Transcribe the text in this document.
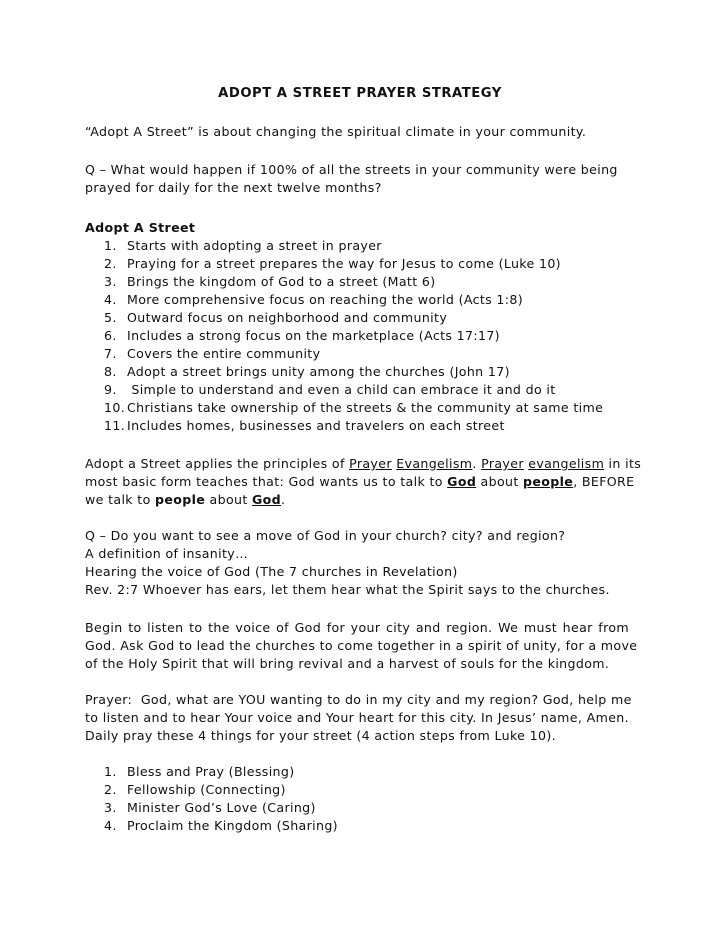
ADOPT A STREET PRAYER STRATEGY
“Adopt A Street” is about changing the spiritual climate in your community.
Q – What would happen if 100% of all the streets in your community were being
prayed for daily for the next twelve months?
Adopt A Street
1. Starts with adopting a street in prayer
2. Praying for a street prepares the way for Jesus to come (Luke 10)
3. Brings the kingdom of God to a street (Matt 6)
4. More comprehensive focus on reaching the world (Acts 1:8)
5. Outward focus on neighborhood and community
6. Includes a strong focus on the marketplace (Acts 17:17)
7. Covers the entire community
8. Adopt a street brings unity among the churches (John 17)
9. Simple to understand and even a child can embrace it and do it
10. Christians take ownership of the streets & the community at same time
11. Includes homes, businesses and travelers on each street
Adopt a Street applies the principles of Prayer Evangelism. Prayer evangelism in its
most basic form teaches that: God wants us to talk to God about people, BEFORE
we talk to people about God.
Q – Do you want to see a move of God in your church? city? and region?
A definition of insanity…
Hearing the voice of God (The 7 churches in Revelation)
Rev. 2:7 Whoever has ears, let them hear what the Spirit says to the churches.
Begin to listen to the voice of God for your city and region. We must hear from
God. Ask God to lead the churches to come together in a spirit of unity, for a move
of the Holy Spirit that will bring revival and a harvest of souls for the kingdom.
Prayer:  God, what are YOU wanting to do in my city and my region? God, help me
to listen and to hear Your voice and Your heart for this city. In Jesus’ name, Amen.
Daily pray these 4 things for your street (4 action steps from Luke 10).
1. Bless and Pray (Blessing)
2. Fellowship (Connecting)
3. Minister God’s Love (Caring)
4. Proclaim the Kingdom (Sharing)
